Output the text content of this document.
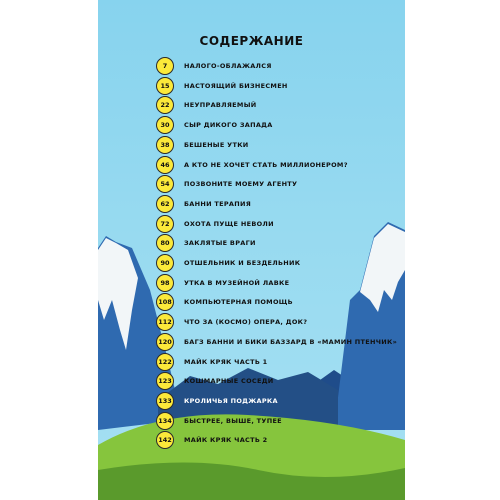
СОДЕРЖАНИЕ
7	НАЛОГО-ОБЛАЖАЛСЯ
15	НАСТОЯЩИЙ БИЗНЕСМЕН
22	НЕУПРАВЛЯЕМЫЙ
30	СЫР ДИКОГО ЗАПАДА
38	БЕШЕНЫЕ УТКИ
46	А КТО НЕ ХОЧЕТ СТАТЬ МИЛЛИОНЕРОМ?
54	ПОЗВОНИТЕ МОЕМУ АГЕНТУ
62	БАННИ ТЕРАПИЯ
72	ОХОТА ПУЩЕ НЕВОЛИ
80	ЗАКЛЯТЫЕ ВРАГИ
90	ОТШЕЛЬНИК И БЕЗДЕЛЬНИК
98	УТКА В МУЗЕЙНОЙ ЛАВКЕ
108	КОМПЬЮТЕРНАЯ ПОМОЩЬ
112	ЧТО ЗА (КОСМО) ОПЕРА, ДОК?
120	БАГЗ БАННИ И БИКИ БАЗЗАРД В «МАМИН ПТЕНЧИК»
122	МАЙК КРЯК ЧАСТЬ 1
123	КОШМАРНЫЕ СОСЕДИ
133	КРОЛИЧЬЯ ПОДЖАРКА
134	БЫСТРЕЕ, ВЫШЕ, ТУПЕЕ
142	МАЙК КРЯК ЧАСТЬ 2
